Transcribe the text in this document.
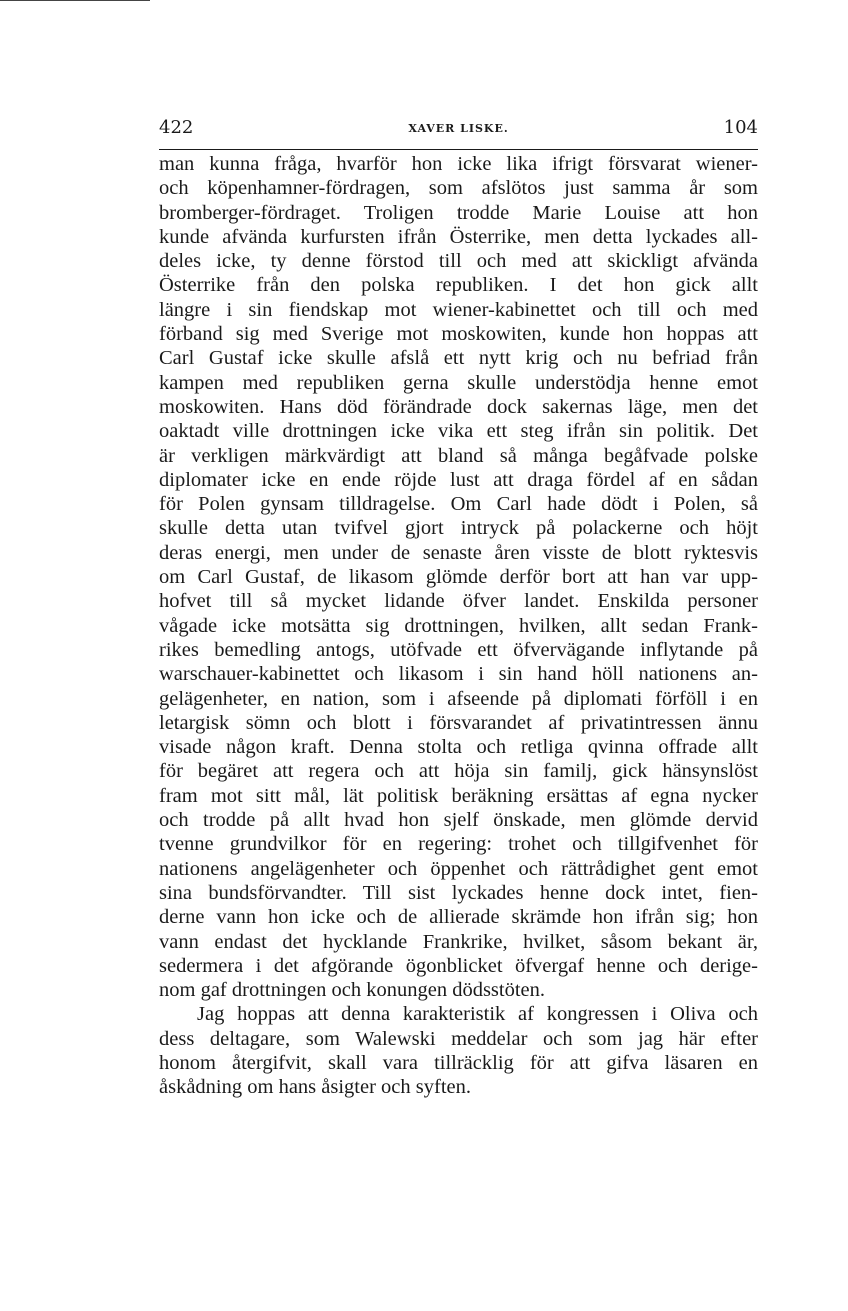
422	XAVER LISKE.	104
man kunna fråga, hvarför hon icke lika ifrigt försvarat wiener-
och köpenhamner-fördragen, som afslötos just samma år som
bromberger-fördraget. Troligen trodde Marie Louise att hon
kunde afvända kurfursten ifrån Österrike, men detta lyckades all-
deles icke, ty denne förstod till och med att skickligt afvända
Österrike från den polska republiken. I det hon gick allt
längre i sin fiendskap mot wiener-kabinettet och till och med
förband sig med Sverige mot moskowiten, kunde hon hoppas att
Carl Gustaf icke skulle afslå ett nytt krig och nu befriad från
kampen med republiken gerna skulle understödja henne emot
moskowiten. Hans död förändrade dock sakernas läge, men det
oaktadt ville drottningen icke vika ett steg ifrån sin politik. Det
är verkligen märkvärdigt att bland så många begåfvade polske
diplomater icke en ende röjde lust att draga fördel af en sådan
för Polen gynsam tilldragelse. Om Carl hade dödt i Polen, så
skulle detta utan tvifvel gjort intryck på polackerne och höjt
deras energi, men under de senaste åren visste de blott ryktesvis
om Carl Gustaf, de likasom glömde derför bort att han var upp-
hofvet till så mycket lidande öfver landet. Enskilda personer
vågade icke motsätta sig drottningen, hvilken, allt sedan Frank-
rikes bemedling antogs, utöfvade ett öfvervägande inflytande på
warschauer-kabinettet och likasom i sin hand höll nationens an-
gelägenheter, en nation, som i afseende på diplomati förföll i en
letargisk sömn och blott i försvarandet af privatintressen ännu
visade någon kraft. Denna stolta och retliga qvinna offrade allt
för begäret att regera och att höja sin familj, gick hänsynslöst
fram mot sitt mål, lät politisk beräkning ersättas af egna nycker
och trodde på allt hvad hon sjelf önskade, men glömde dervid
tvenne grundvilkor för en regering: trohet och tillgifvenhet för
nationens angelägenheter och öppenhet och rättrådighet gent emot
sina bundsförvandter. Till sist lyckades henne dock intet, fien-
derne vann hon icke och de allierade skrämde hon ifrån sig; hon
vann endast det hycklande Frankrike, hvilket, såsom bekant är,
sedermera i det afgörande ögonblicket öfvergaf henne och derige-
nom gaf drottningen och konungen dödsstöten.
Jag hoppas att denna karakteristik af kongressen i Oliva och
dess deltagare, som Walewski meddelar och som jag här efter
honom återgifvit, skall vara tillräcklig för att gifva läsaren en
åskådning om hans åsigter och syften.
